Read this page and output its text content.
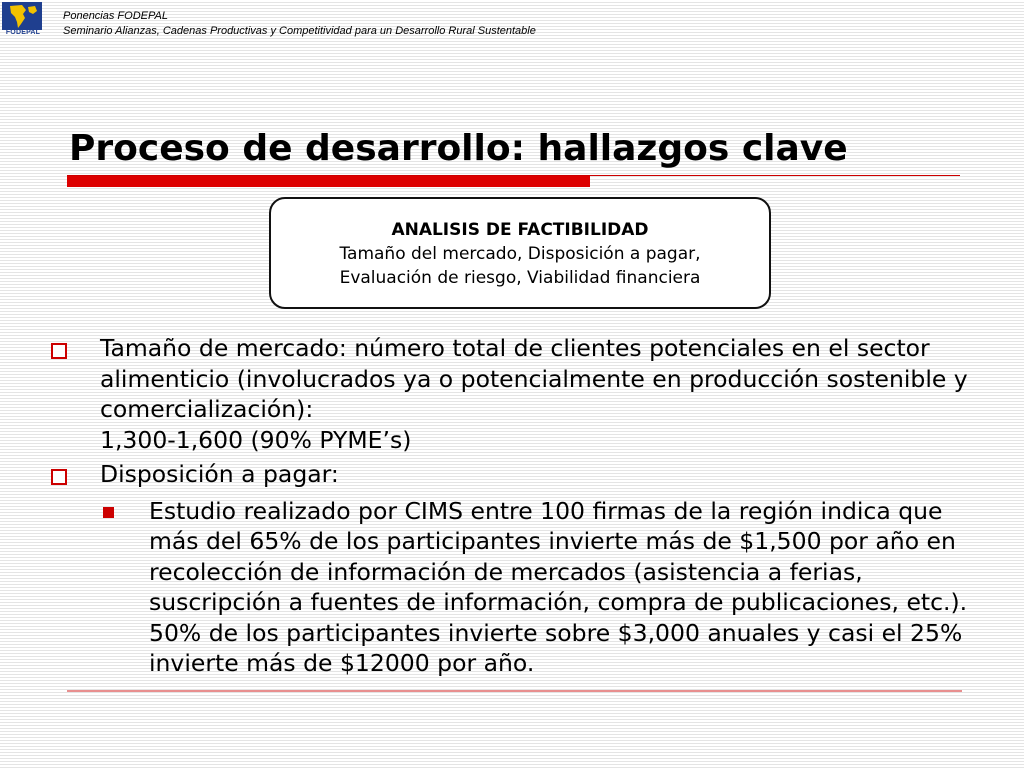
FODEPAL
Ponencias FODEPAL
Seminario Alianzas, Cadenas Productivas y Competitividad para un Desarrollo Rural Sustentable
Proceso de desarrollo: hallazgos clave
ANALISIS DE FACTIBILIDAD
Tamaño del mercado, Disposición a pagar,
Evaluación de riesgo, Viabilidad financiera
Tamaño de mercado: número total de clientes potenciales en el sector alimenticio (involucrados ya o potencialmente en producción sostenible y comercialización):
1,300-1,600 (90% PYME’s)
Disposición a pagar:
Estudio realizado por CIMS entre 100 firmas de la región indica que más del 65% de los participantes invierte más de $1,500 por año en recolección de información de mercados (asistencia a ferias, suscripción a fuentes de información, compra de publicaciones, etc.). 50% de los participantes invierte sobre $3,000 anuales y casi el 25% invierte más de $12000 por año.
